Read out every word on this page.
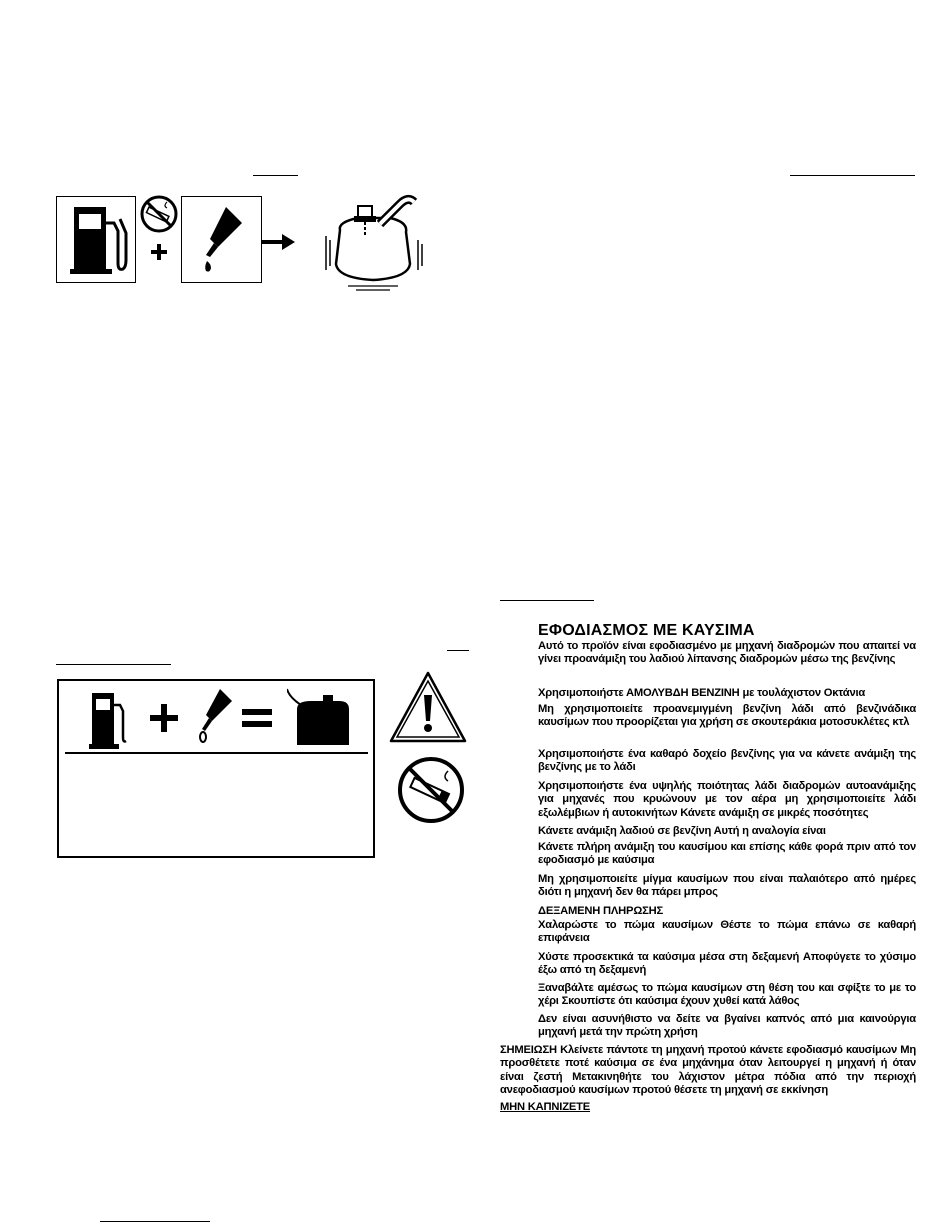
ΕΦΟΔΙΑΣΜΟΣ ΜΕ ΚΑΥΣΙΜΑ
Αυτό το προϊόν είναι εφοδιασμένο με μηχανή διαδρομών που απαιτεί να γίνει προανάμιξη του λαδιού λίπανσης διαδρομών μέσω της βενζίνης
Χρησιμοποιήστε ΑΜΟΛΥΒΔΗ ΒΕΝΖΙΝΗ με τουλάχιστον Οκτάνια
Μη χρησιμοποιείτε προανεμιγμένη βενζίνη λάδι από βενζινάδικα καυσίμων που προορίζεται για χρήση σε σκουτεράκια μοτοσυκλέτες κτλ
Χρησιμοποιήστε ένα καθαρό δοχείο βενζίνης για να κάνετε ανάμιξη της βενζίνης με το λάδι
Χρησιμοποιήστε ένα υψηλής ποιότητας λάδι διαδρομών αυτοανάμιξης για μηχανές που κρυώνουν με τον αέρα μη χρησιμοποιείτε λάδι εξωλέμβιων ή αυτοκινήτων Κάνετε ανάμιξη σε μικρές ποσότητες
Κάνετε ανάμιξη λαδιού σε βενζίνη Αυτή η αναλογία είναι
Κάνετε πλήρη ανάμιξη του καυσίμου και επίσης κάθε φορά πριν από τον εφοδιασμό με καύσιμα
Μη χρησιμοποιείτε μίγμα καυσίμων που είναι παλαιότερο από ημέρες διότι η μηχανή δεν θα πάρει μπρος
ΔΕΞΑΜΕΝΗ ΠΛΗΡΩΣΗΣ
Χαλαρώστε το πώμα καυσίμων Θέστε το πώμα επάνω σε καθαρή επιφάνεια
Χύστε προσεκτικά τα καύσιμα μέσα στη δεξαμενή Αποφύγετε το χύσιμο έξω από τη δεξαμενή
Ξαναβάλτε αμέσως το πώμα καυσίμων στη θέση του και σφίξτε το με το χέρι Σκουπίστε ότι καύσιμα έχουν χυθεί κατά λάθος
Δεν είναι ασυνήθιστο να δείτε να βγαίνει καπνός από μια καινούργια μηχανή μετά την πρώτη χρήση
ΣΗΜΕΙΩΣΗ Κλείνετε πάντοτε τη μηχανή προτού κάνετε εφοδιασμό καυσίμων Μη προσθέτετε ποτέ καύσιμα σε ένα μηχάνημα όταν λειτουργεί η μηχανή ή όταν είναι ζεστή Μετακινηθήτε του λάχιστον μέτρα πόδια από την περιοχή ανεφοδιασμού καυσίμων προτού θέσετε τη μηχανή σε εκκίνηση
ΜΗΝ ΚΑΠΝΙΖΕΤΕ
